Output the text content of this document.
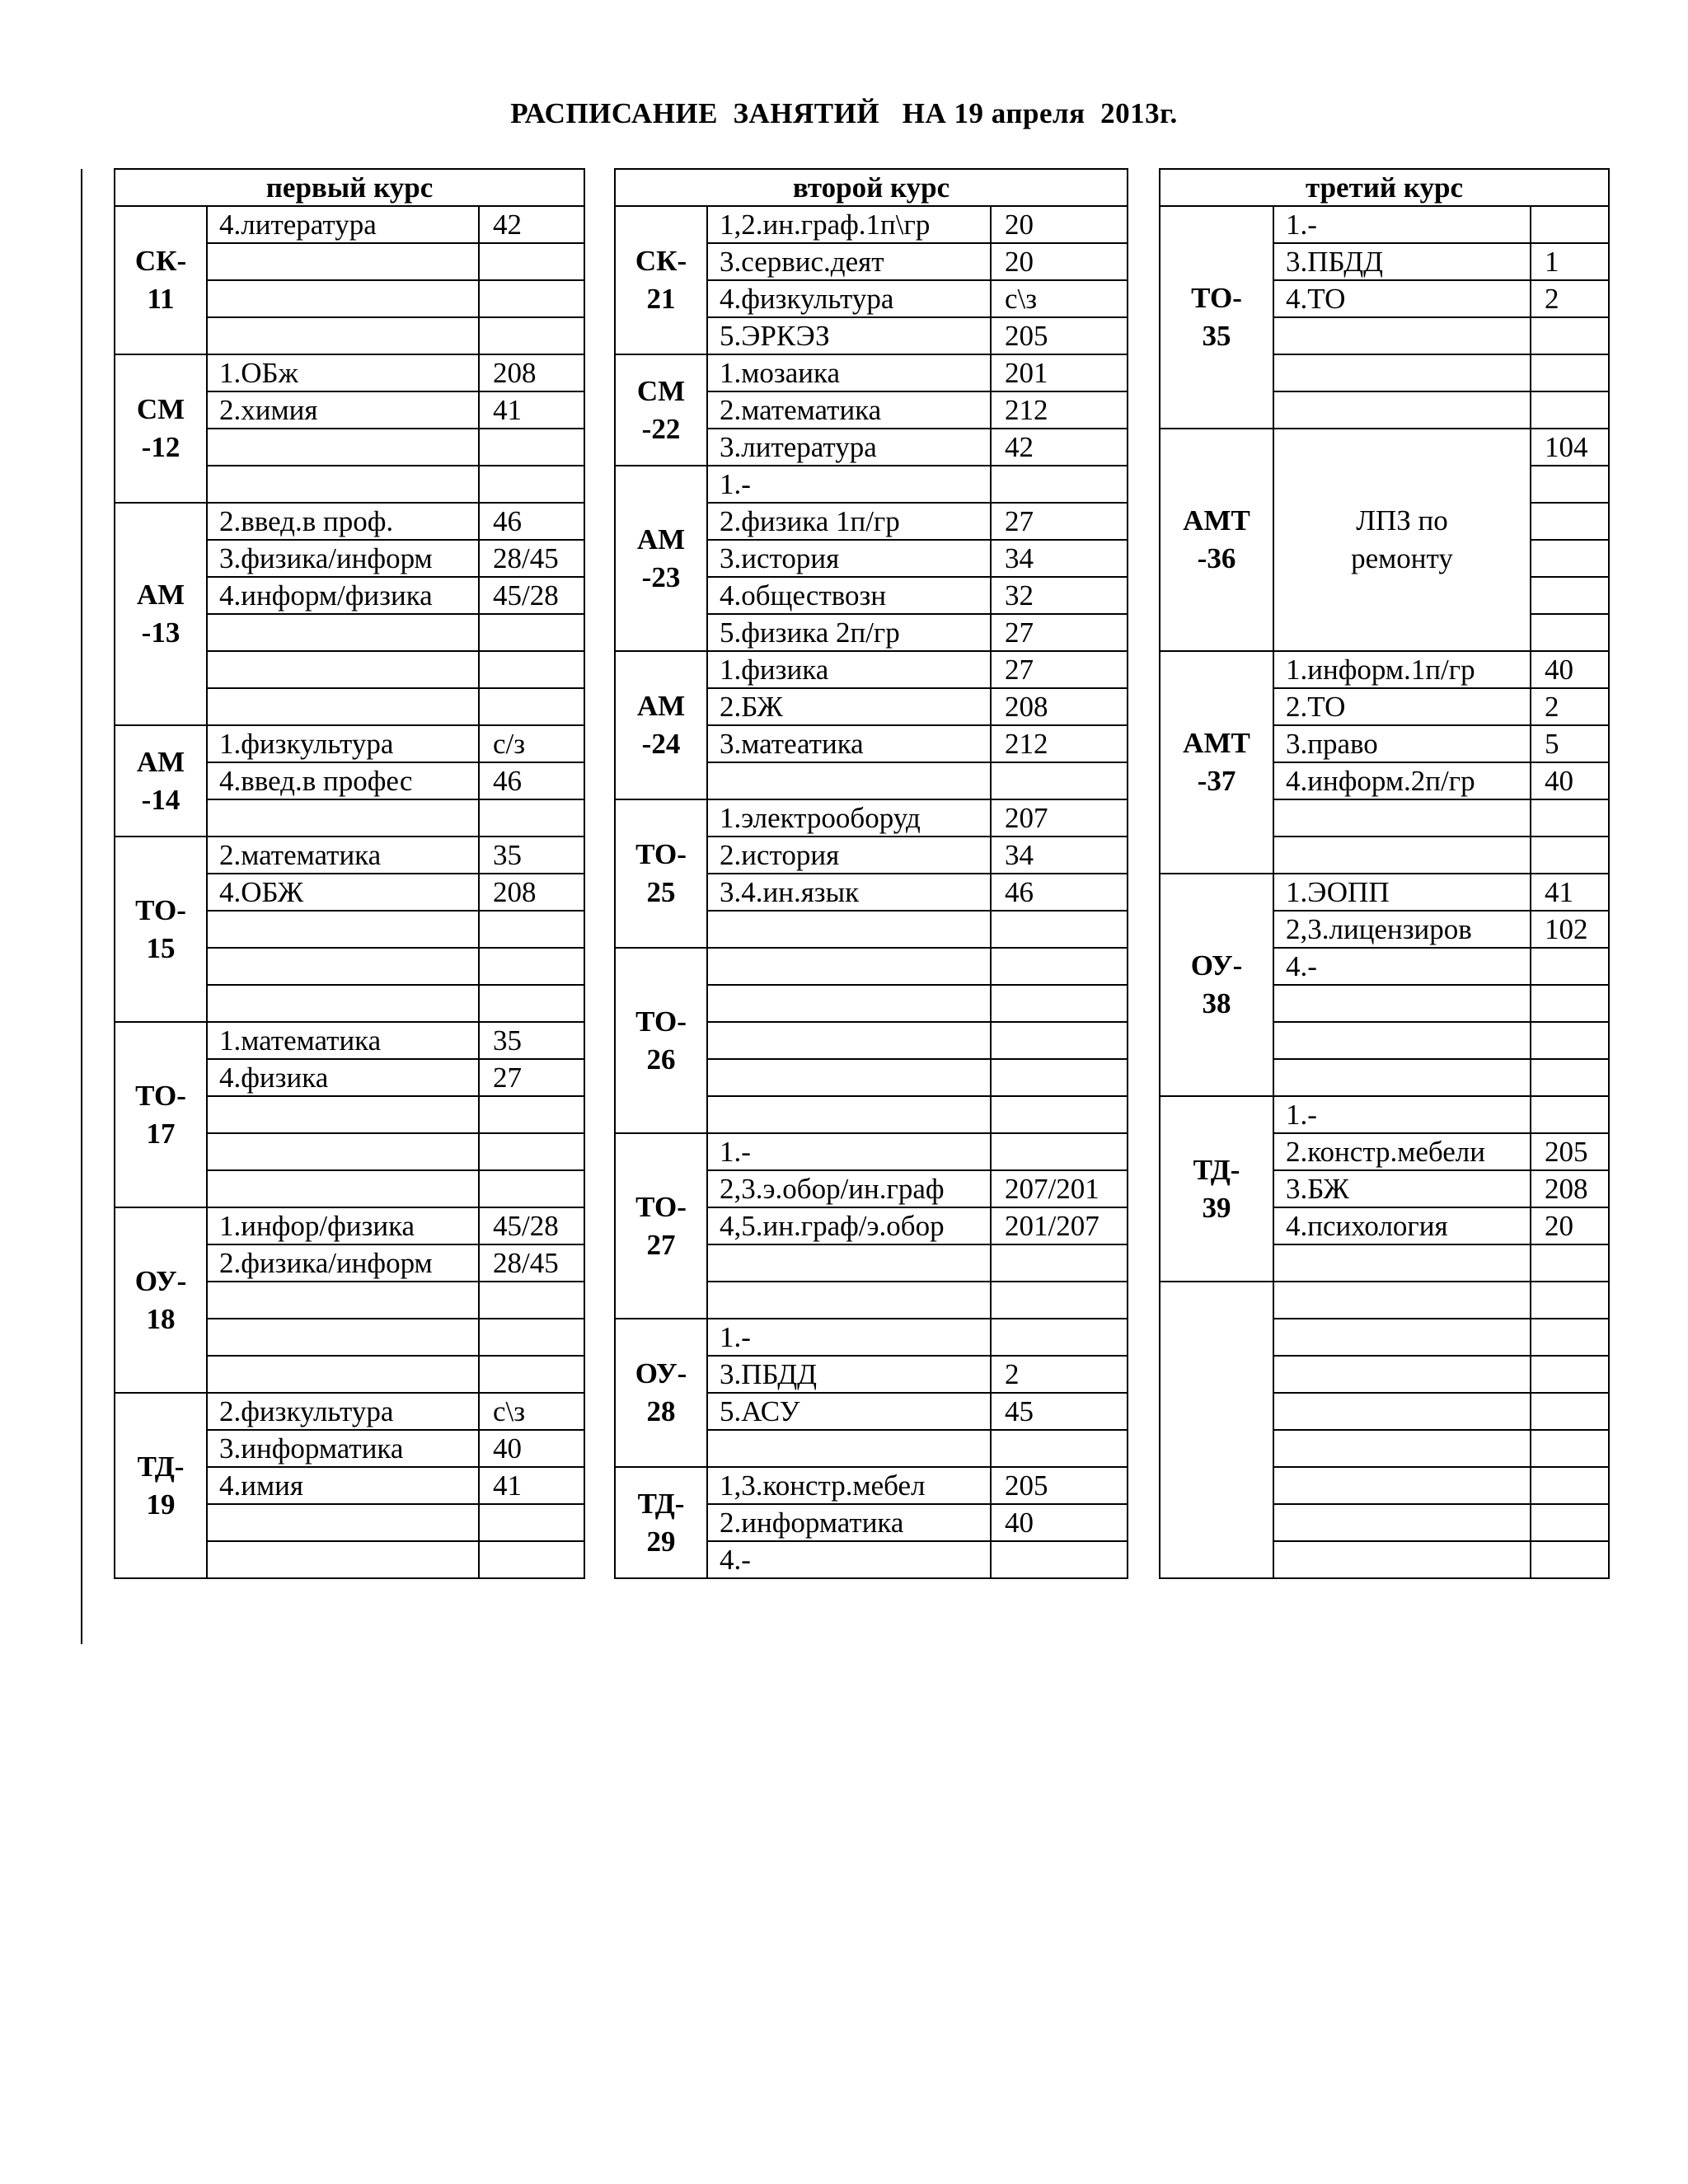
РАСПИСАНИЕ  ЗАНЯТИЙ   НА 19 апреля  2013г.
первый курс		
СК-
11	4.литература	42

СМ
-12	1.ОБж	208
	2.химия	41

АМ
-13	2.введ.в проф.	46
	3.физика/информ	28/45
	4.информ/физика	45/28

АМ
-14	1.физкультура	с/з
	4.введ.в профес	46

ТО-
15	2.математика	35
	4.ОБЖ	208

ТО-
17	1.математика	35
	4.физика	27

ОУ-
18	1.инфор/физика	45/28
	2.физика/информ	28/45

ТД-
19	2.физкультура	с\з
	3.информатика	40
	4.имия	41

второй курс		
СК-
21	1,2.ин.граф.1п\гр	20
	3.сервис.деят	20
	4.физкультура	с\з
	5.ЭРКЭЗ	205
СМ
-22	1.мозаика	201
	2.математика	212
	3.литература	42
АМ
-23	1.-	
	2.физика 1п/гр	27
	3.история	34
	4.обществозн	32
	5.физика 2п/гр	27
АМ
-24	1.физика	27
	2.БЖ	208
	3.матеатика	212

ТО-
25	1.электрооборуд	207
	2.история	34
	3.4.ин.язык	46

ТО-
26		

ТО-
27	1.-	
	2,3.э.обор/ин.граф	207/201
	4,5.ин.граф/э.обор	201/207

ОУ-
28	1.-	
	3.ПБДД	2
	5.АСУ	45

ТД-
29	1,3.констр.мебел	205
	2.информатика	40
	4.-	
третий курс		
ТО-
35	1.-	
	3.ПБДД	1
	4.ТО	2

АМТ
-36	ЛПЗ по
ремонту	104

АМТ
-37	1.информ.1п/гр	40
	2.ТО	2
	3.право	5
	4.информ.2п/гр	40

ОУ-
38	1.ЭОПП	41
	2,3.лицензиров	102
	4.-	

ТД-
39	1.-	
	2.констр.мебели	205
	3.БЖ	208
	4.психология	20
